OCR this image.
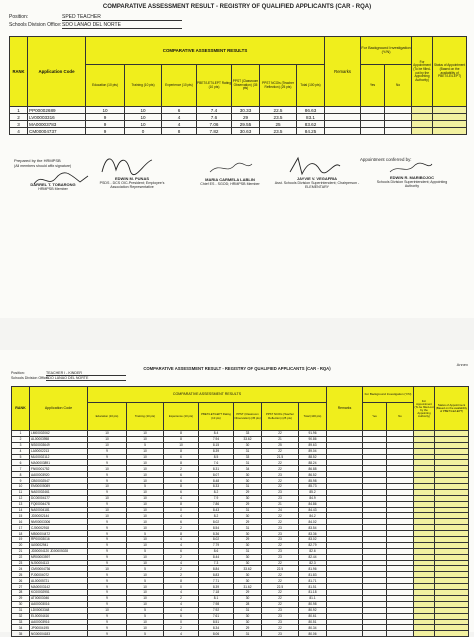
COMPARATIVE ASSESSMENT RESULT - REGISTRY OF QUALIFIED APPLICANTS (CAR - RQA)
Position:	SPED TEACHER
Schools Division Office: SDO LANAO DEL NORTE
RANK	Application Code	COMPARATIVE ASSESSMENT RESULTS							Remarks	For Background Investigation (Y/N)		For Appointment (To be filled-out by the Appointing Authority)	Status of Appointment (Based on the availability of PBET/LE/LEPT)
		Education (10 pts)	Training (10 pts)	Experience (10 pts)	PBET/LET/LEPT Rating (10 pts)	PPST (Classroom Observation) (35 pts)	PPST NCOIs (Teacher Reflection) (25 pts)	Total (100 pts)		Yes	No		
1	PP00002689	10	10	6	7.4	30.33	22.5	86.63					
2	LV00003316	9	10	4	7.6	29	23.5	83.1					
3	MA00003783	9	10	4	7.06	29.55	25	83.62					
4	CM00004737	9	0	8	7.82	30.63	23.5	84.25					
Prepared by the HRMPSB
(All members should affix signature)
Appointment conferred by:
DARREL T. TOBARONG
HRMPSB Member
EDWIN M. PUNAS
PSDS - DCS OIC-President; Employee's Association Representative
MARIA CARMELA LABLIN
Chief ES - SGOD; HRMPSB Member
JAYVIE V. VEGAFRIA
Asst. Schools Division Superintendent; Chairperson - ELEMENTARY
EDWIN R. MARIBOJOC
Schools Division Superintendent; Appointing Authority
Annex
COMPARATIVE ASSESSMENT RESULT - REGISTRY OF QUALIFIED APPLICANTS (CAR - RQA)
Position:	TEACHER I - KINDER
Schools Division Office:
SDO LANAO DEL NORTE
RANK	Application Code	COMPARATIVE ASSESSMENT RESULTS							Remarks	For Background Investigation (Y/N)		For Appointment (To be filled-out by the Appointing Authority)	Status of Appointment (Based on the availability of PBET/LE/LEPT)
		Education (10 pts)	Training (10 pts)	Experience (10 pts)	PBET/LET/LEPT Rating (10 pts)	PPST (Classroom Observation) (35 pts)	PPST NCOIs (Teacher Reflection) (25 pts)	Total (100 pts)		Yes	No		
1	LM00002062	10	10	8	8.4	33	22	91.96					
2	AL00003958	10	10	8	7.94	33.62	21	90.86					
3	NS00003649	10	5	10	8.15	30	25	89.63					
4	LA00002213	9	10	8	8.39	31	22	89.04					
5	ML00002112	9	10	6	8.5	33	21.5	88.52					
6	MA00003891	9	10	8	7.6	31	22	88.24					
7	FN00001752	10	10	2	8.31	34	22	86.88					
8	AA00003920	9	10	6	8.07	30	23	86.52					
9	CB00002547	9	10	6	8.48	30	22	85.98					
10	EM00005089	10	5	8	8.33	31	22	85.73					
11	NA00002461	9	10	6	8.2	29	23	85.2					
12	DC00004177	10	10	4	7.9	30	23	84.9					
13	FQ00004478	9	10	8	7.86	29	21	84.86					
14	NA00004181	10	10	0	8.43	31	24	84.43					
15	JD00002144	10	10	4	8.2	30	22	84.2					
16	NM00003306	9	10	6	8.02	29	22	84.02					
17	CJ00002918	9	10	2	8.54	31	23	83.54					
18	MB00004472	9	5	8	8.36	30	23	83.36					
19	RP00003016	9	10	4	8.02	29	23	83.02					
20	IA00002941	9	10	4	7.79	30	22	82.79					
21	JD00004120 JD00005028	9	5	6	8.6	31	23	82.6					
22	MR00003597	9	10	2	8.44	30	23	82.44					
23	NJ00004113	9	10	4	7.3	30	22	82.3					
24	CM00004736	10	5	2	8.84	33.62	22.5	81.96					
25	PJ00004072	9	10	2	8.83	30	22	81.83					
26	AL00005721	9	5	8	7.71	30	22	81.71					
27	MA00003142	9	10	0	8.39	31.62	22.5	81.51					
28	KC00002951	9	10	4	7.18	29	22	81.18					
29	AT00003046	9	10	2	8.1	30	22	81.1					
30	AA00003016	9	10	4	7.98	28	22	80.98					
31	LD00003348	10	5	4	7.92	31	23	80.92					
32	EL00004416	9	5	6	7.61	30	23	80.61					
33	AA00003916	9	10	0	8.51	30	23	80.51					
34	JP00004195	9	10	2	8.34	29	22	80.34					
35	NG00004183	9	5	4	8.06	31	23	80.06					
